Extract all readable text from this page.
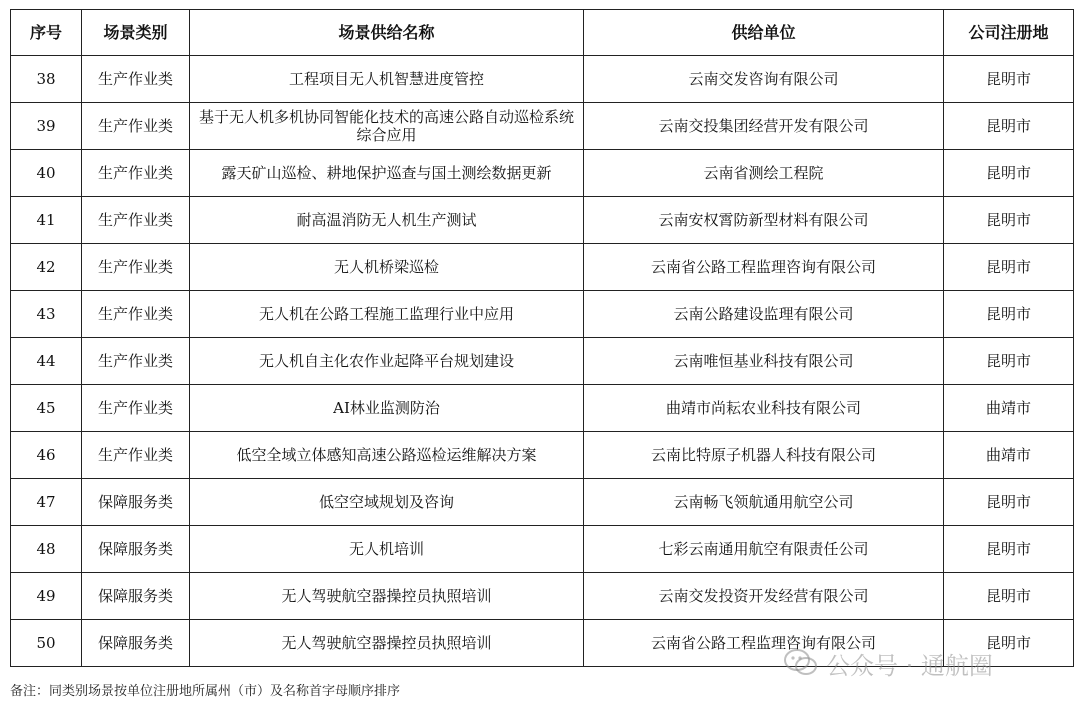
序号	场景类别	场景供给名称	供给单位	公司注册地
38	生产作业类	工程项目无人机智慧进度管控	云南交发咨询有限公司	昆明市
39	生产作业类	基于无人机多机协同智能化技术的高速公路自动巡检系统综合应用	云南交投集团经营开发有限公司	昆明市
40	生产作业类	露天矿山巡检、耕地保护巡查与国土测绘数据更新	云南省测绘工程院	昆明市
41	生产作业类	耐高温消防无人机生产测试	云南安权霄防新型材料有限公司	昆明市
42	生产作业类	无人机桥梁巡检	云南省公路工程监理咨询有限公司	昆明市
43	生产作业类	无人机在公路工程施工监理行业中应用	云南公路建设监理有限公司	昆明市
44	生产作业类	无人机自主化农作业起降平台规划建设	云南唯恒基业科技有限公司	昆明市
45	生产作业类	AI林业监测防治	曲靖市尚耘农业科技有限公司	曲靖市
46	生产作业类	低空全域立体感知高速公路巡检运维解决方案	云南比特原子机器人科技有限公司	曲靖市
47	保障服务类	低空空域规划及咨询	云南畅飞领航通用航空公司	昆明市
48	保障服务类	无人机培训	七彩云南通用航空有限责任公司	昆明市
49	保障服务类	无人驾驶航空器操控员执照培训	云南交发投资开发经营有限公司	昆明市
50	保障服务类	无人驾驶航空器操控员执照培训	云南省公路工程监理咨询有限公司	昆明市
备注：同类别场景按单位注册地所属州（市）及名称首字母顺序排序
公众号 · 通航圈
